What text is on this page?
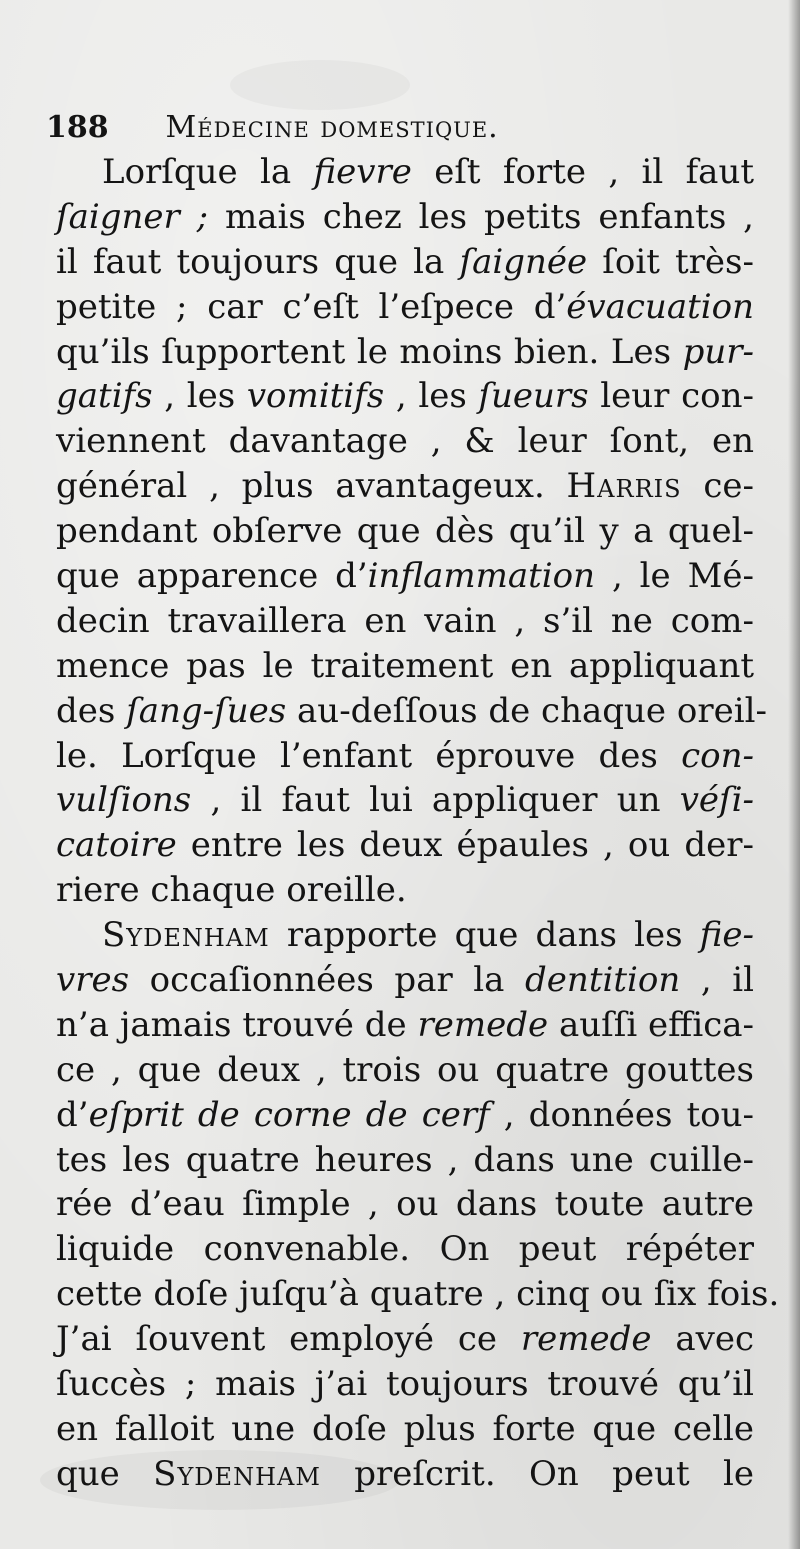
188 Médecine domestique.
Lorſque la fievre eſt forte , il faut
ſaigner ; mais chez les petits enfants ,
il faut toujours que la ſaignée ſoit très-
petite ; car c’eſt l’eſpece d’évacuation
qu’ils ſupportent le moins bien. Les pur-
gatifs , les vomitifs , les ſueurs leur con-
viennent davantage , & leur ſont, en
général , plus avantageux. Harris ce-
pendant obſerve que dès qu’il y a quel-
que apparence d’inflammation , le Mé-
decin travaillera en vain , s’il ne com-
mence pas le traitement en appliquant
des ſang-ſues au-deſſous de chaque oreil-
le. Lorſque l’enfant éprouve des con-
vulſions , il faut lui appliquer un véſi-
catoire entre les deux épaules , ou der-
riere chaque oreille.
Sydenham rapporte que dans les fie-
vres occaſionnées par la dentition , il
n’a jamais trouvé de remede auſſi effica-
ce , que deux , trois ou quatre gouttes
d’eſprit de corne de cerf , données tou-
tes les quatre heures , dans une cuille-
rée d’eau ſimple , ou dans toute autre
liquide convenable. On peut répéter
cette doſe juſqu’à quatre , cinq ou ſix fois.
J’ai ſouvent employé ce remede avec
ſuccès ; mais j’ai toujours trouvé qu’il
en falloit une doſe plus forte que celle
que Sydenham preſcrit. On peut le
